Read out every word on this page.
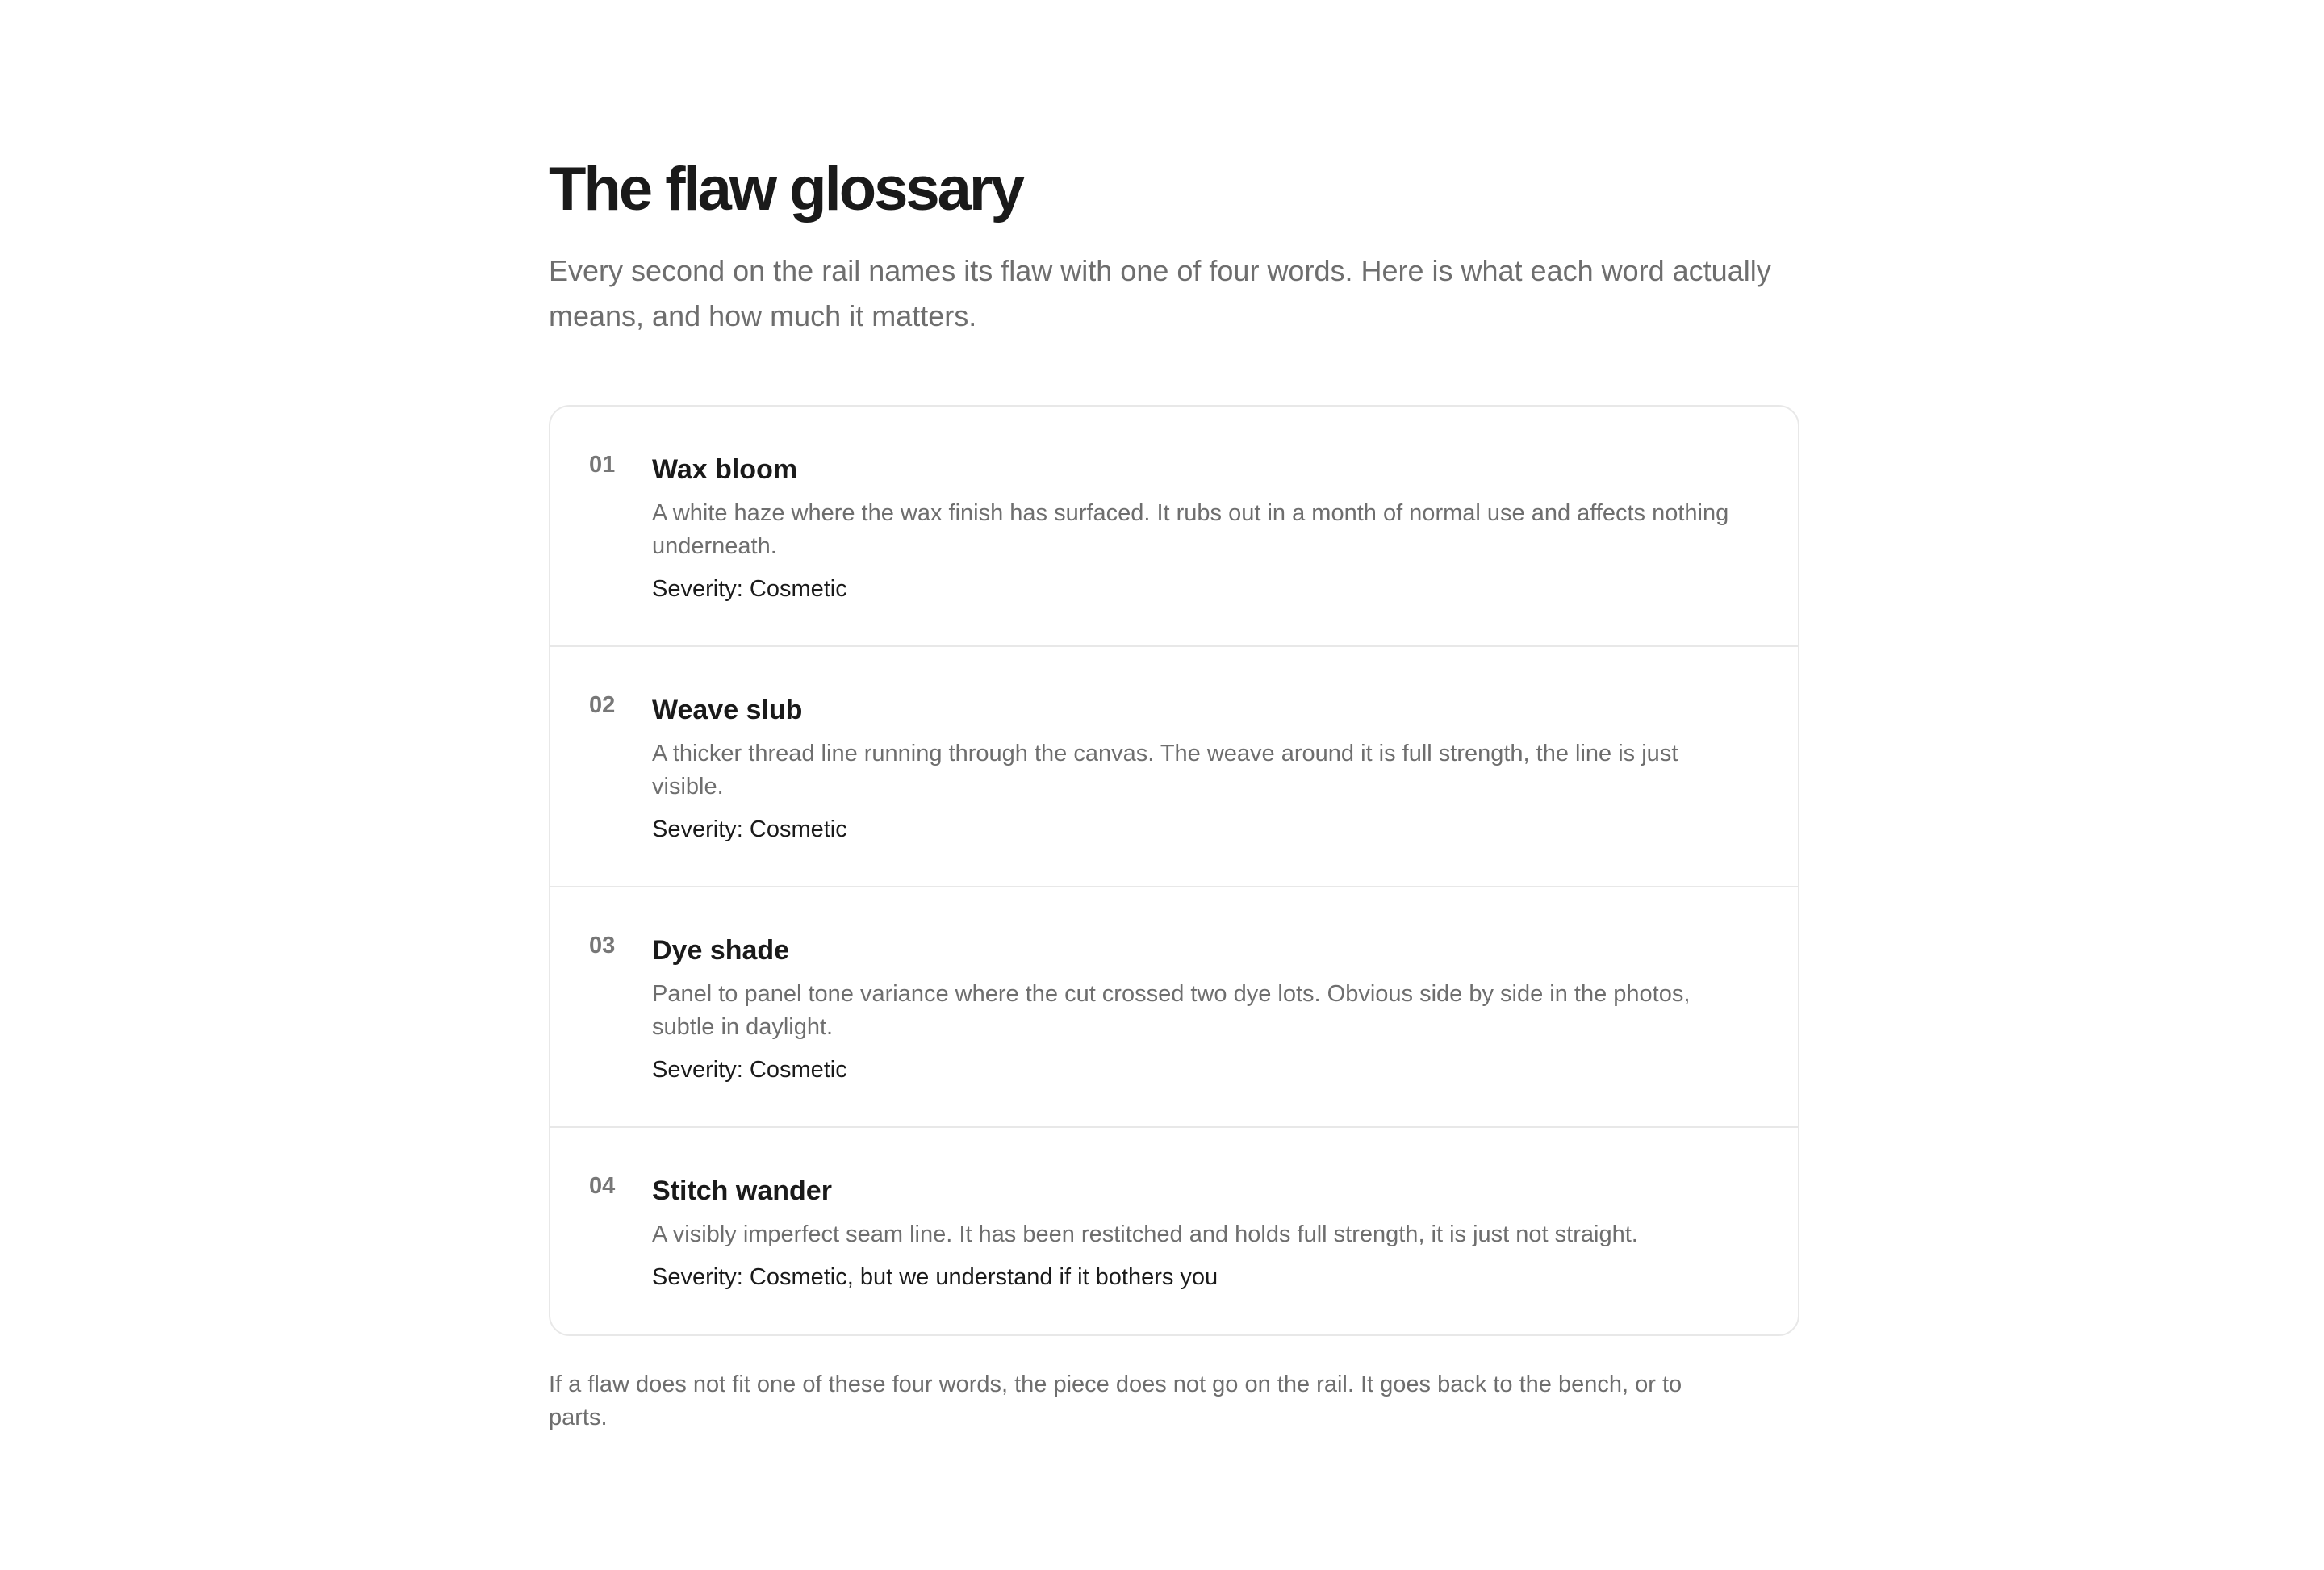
The flaw glossary

Every second on the rail names its flaw with one of four words. Here is what each word actually means, and how much it matters.

01	Wax bloom

A white haze where the wax finish has surfaced. It rubs out in a month of normal use and affects nothing underneath.

Severity: Cosmetic

02	Weave slub

A thicker thread line running through the canvas. The weave around it is full strength, the line is just visible.

Severity: Cosmetic

03	Dye shade

Panel to panel tone variance where the cut crossed two dye lots. Obvious side by side in the photos, subtle in daylight.

Severity: Cosmetic

04	Stitch wander

A visibly imperfect seam line. It has been restitched and holds full strength, it is just not straight.

Severity: Cosmetic, but we understand if it bothers you

If a flaw does not fit one of these four words, the piece does not go on the rail. It goes back to the bench, or to parts.
